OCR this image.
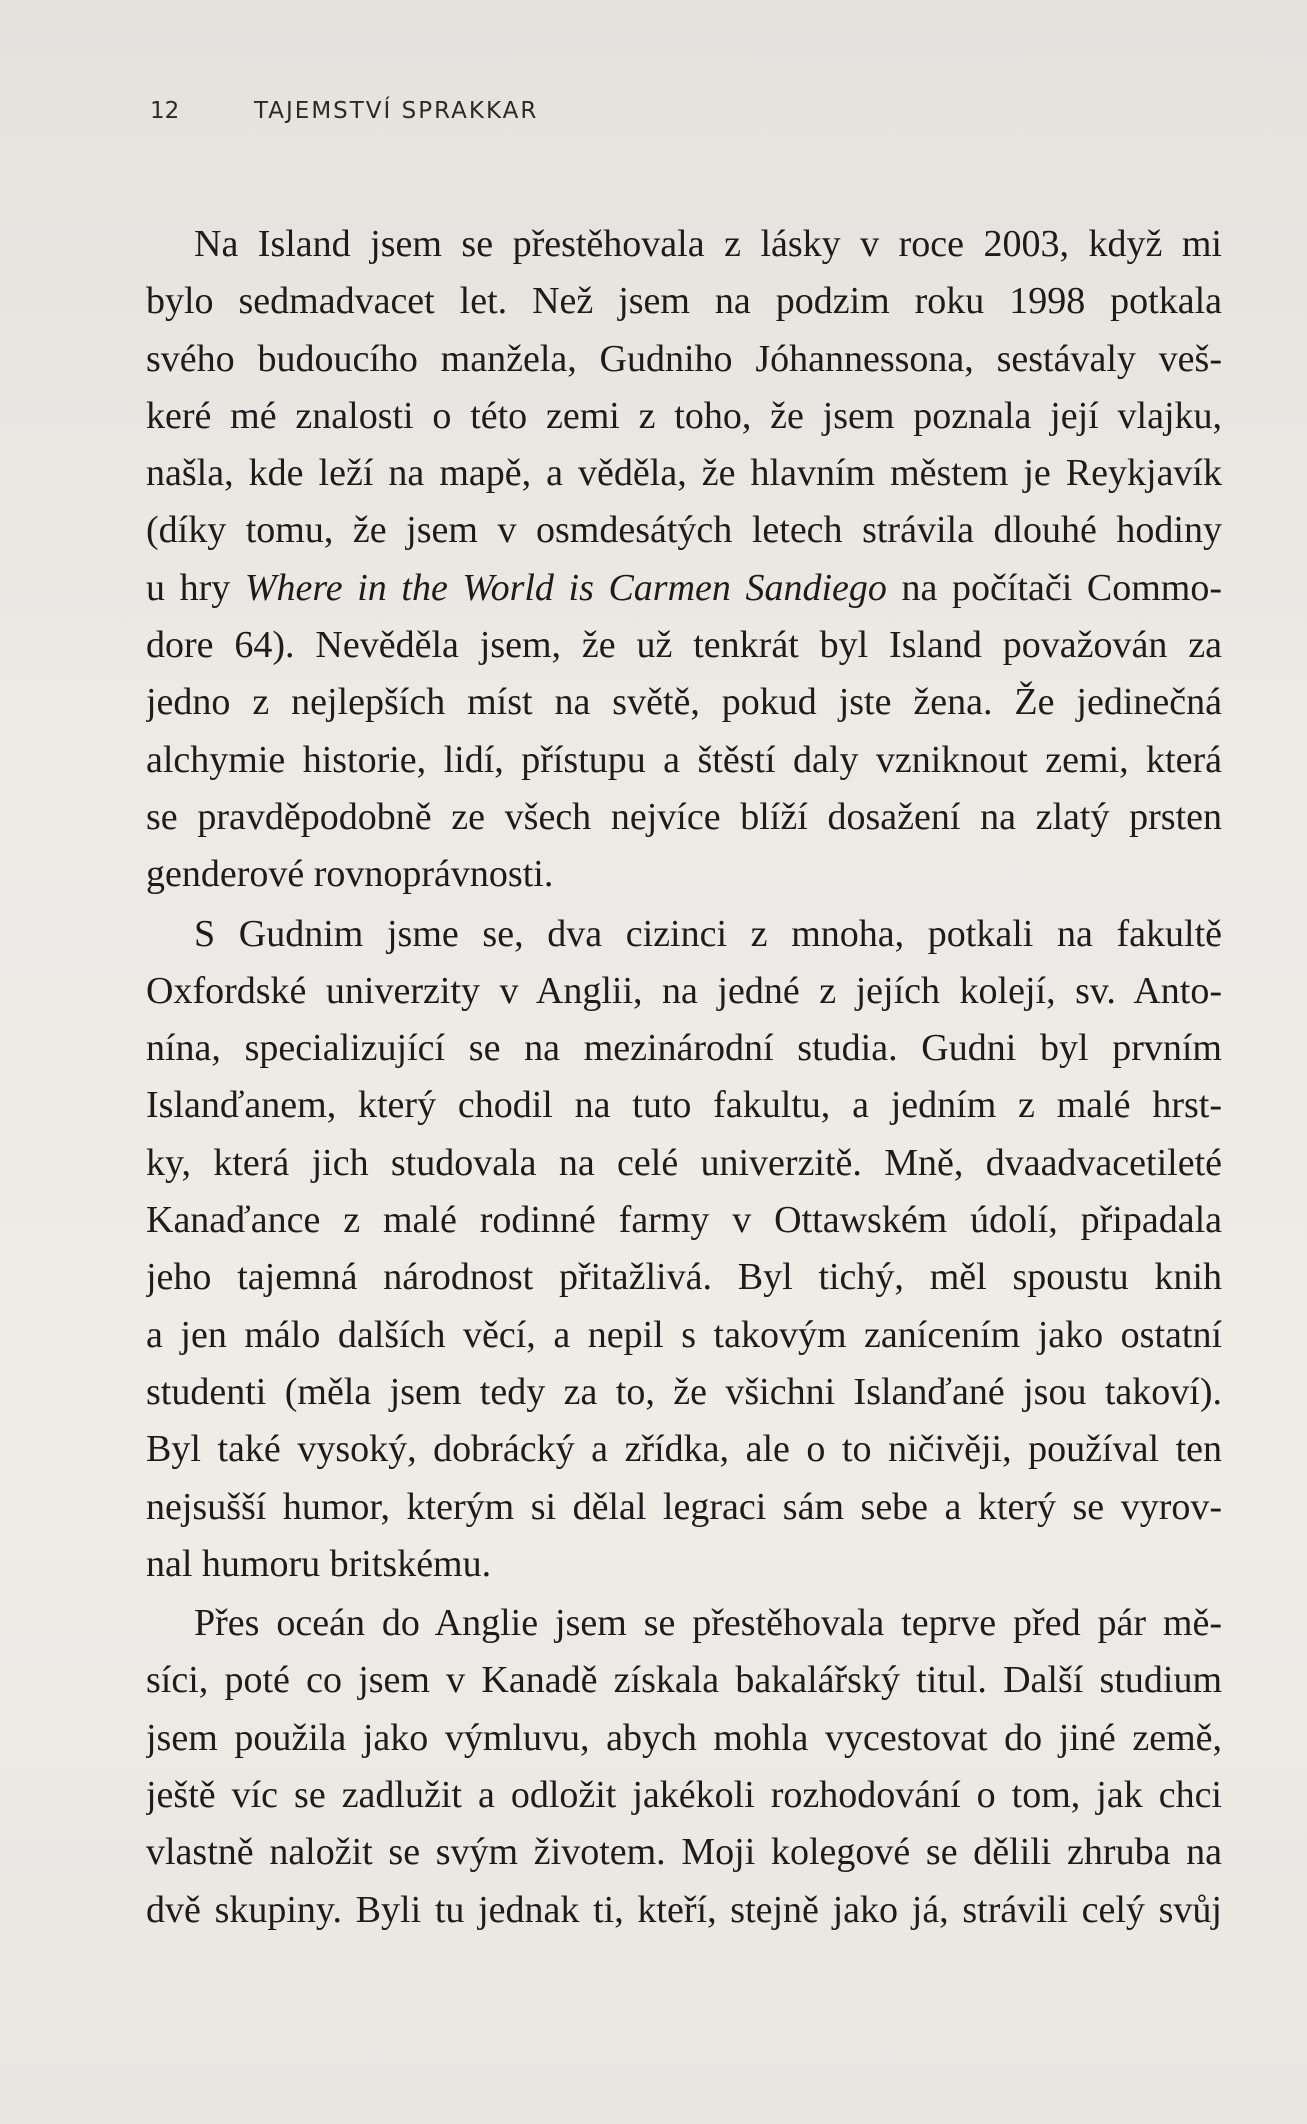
12	TAJEMSTVÍ SPRAKKAR
Na Island jsem se přestěhovala z lásky v roce 2003, když mi
bylo sedmadvacet let. Než jsem na podzim roku 1998 potkala
svého budoucího manžela, Gudniho Jóhannessona, sestávaly veš-
keré mé znalosti o této zemi z toho, že jsem poznala její vlajku,
našla, kde leží na mapě, a věděla, že hlavním městem je Reykjavík
(díky tomu, že jsem v osmdesátých letech strávila dlouhé hodiny
u hry Where in the World is Carmen Sandiego na počítači Commo-
dore 64). Nevěděla jsem, že už tenkrát byl Island považován za
jedno z nejlepších míst na světě, pokud jste žena. Že jedinečná
alchymie historie, lidí, přístupu a štěstí daly vzniknout zemi, která
se pravděpodobně ze všech nejvíce blíží dosažení na zlatý prsten
genderové rovnoprávnosti.
S Gudnim jsme se, dva cizinci z mnoha, potkali na fakultě
Oxfordské univerzity v Anglii, na jedné z jejích kolejí, sv. Anto-
nína, specializující se na mezinárodní studia. Gudni byl prvním
Islanďanem, který chodil na tuto fakultu, a jedním z malé hrst-
ky, která jich studovala na celé univerzitě. Mně, dvaadvacetileté
Kanaďance z malé rodinné farmy v Ottawském údolí, připadala
jeho tajemná národnost přitažlivá. Byl tichý, měl spoustu knih
a jen málo dalších věcí, a nepil s takovým zanícením jako ostatní
studenti (měla jsem tedy za to, že všichni Islanďané jsou takoví).
Byl také vysoký, dobrácký a zřídka, ale o to ničivěji, používal ten
nejsušší humor, kterým si dělal legraci sám sebe a který se vyrov-
nal humoru britskému.
Přes oceán do Anglie jsem se přestěhovala teprve před pár mě-
síci, poté co jsem v Kanadě získala bakalářský titul. Další studium
jsem použila jako výmluvu, abych mohla vycestovat do jiné země,
ještě víc se zadlužit a odložit jakékoli rozhodování o tom, jak chci
vlastně naložit se svým životem. Moji kolegové se dělili zhruba na
dvě skupiny. Byli tu jednak ti, kteří, stejně jako já, strávili celý svůj
